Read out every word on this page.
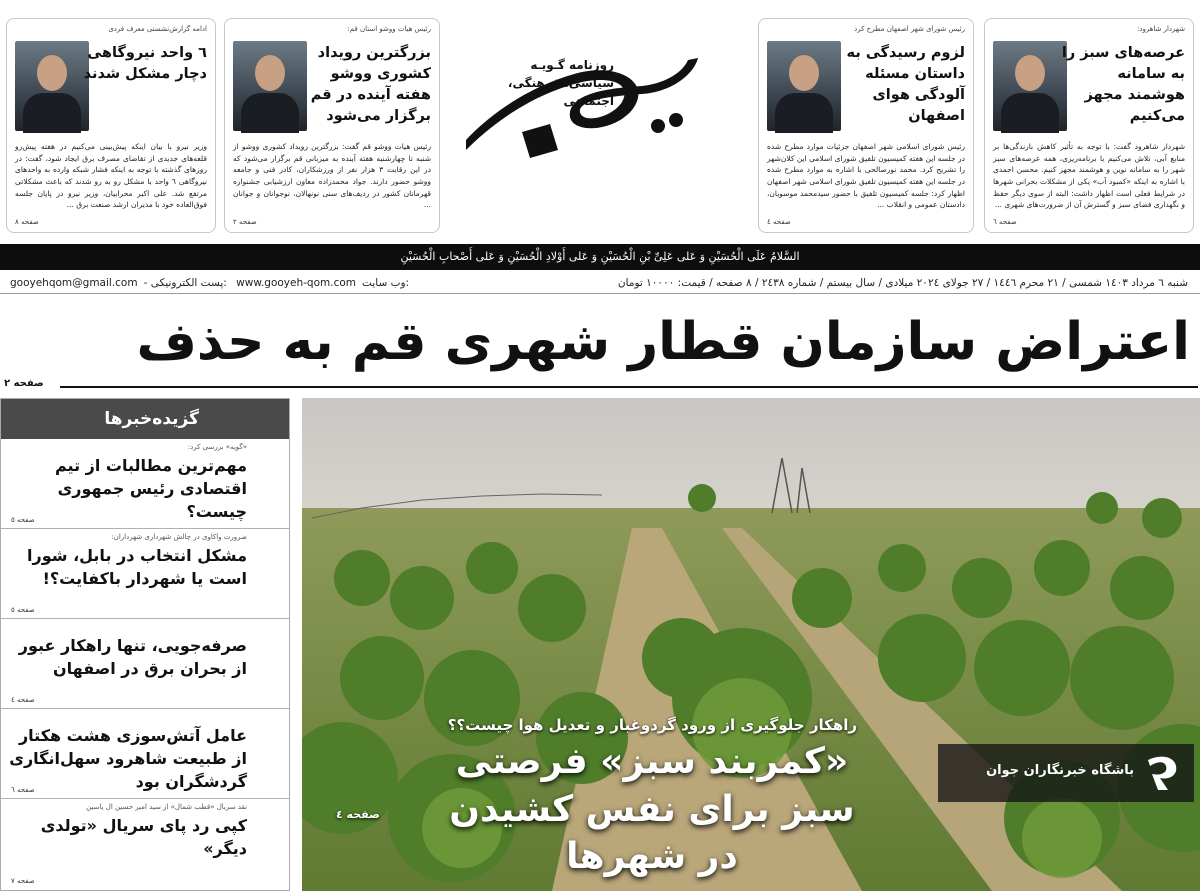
شهردار شاهرود:
عرصه‌های سبز را به سامانه هوشمند مجهز می‌کنیم
شهردار شاهرود گفت: با توجه به تأثیر کاهش بارندگی‌ها بر منابع آبی، تلاش می‌کنیم با برنامه‌ریزی، همه عرصه‌های سبز شهر را به سامانه نوین و هوشمند مجهز کنیم. محسن احمدی با اشاره به اینکه «کمبود آب» یکی از مشکلات بحرانی شهرها در شرایط فعلی است اظهار داشت: البته از سوی دیگر حفظ و نگهداری فضای سبز و گسترش آن از ضرورت‌های شهری ...
صفحه ٦
رئیس شورای شهر اصفهان مطرح کرد
لزوم رسیدگی به داستان مسئله آلودگی هوای اصفهان
رئیس شورای اسلامی شهر اصفهان جزئیات موارد مطرح شده در جلسه این هفته کمیسیون تلفیق شورای اسلامی این کلان‌شهر را تشریح کرد. محمد نورصالحی با اشاره به موارد مطرح شده در جلسه این هفته کمیسیون تلفیق شورای اسلامی شهر اصفهان اظهار کرد: جلسه کمیسیون تلفیق با حضور سیدمحمد موسویان، دادستان عمومی و انقلاب ...
صفحه ٤
رئیس هیات ووشو استان قم:
بزرگترین رویداد کشوری ووشو هفته آینده در قم برگزار می‌شود
رئیس هیات ووشو قم گفت: بزرگترین رویداد کشوری ووشو از شنبه تا چهارشنبه هفته آینده به میزبانی قم برگزار می‌شود که در این رقابت ۳ هزار نفر از ورزشکاران، کادر فنی و جامعه ووشو حضور دارند. جواد محمدزاده معاون ارزشیابی جشنواره قهرمانان کشور در ردیف‌های سنی نونهالان، نوجوانان و جوانان ...
صفحه ٢
ادامه گزارش‌نشستی معرف فردی
٦ واحد نیروگاهی دچار مشکل شدند
وزیر نیرو با بیان اینکه پیش‌بینی می‌کنیم در هفته پیش‌رو قلعه‌های جدیدی از تقاضای مصرف برق ایجاد شود، گفت: در روزهای گذشته با توجه به اینکه فشار شبکه وارده به واحدهای نیروگاهی ٦ واحد با مشکل رو به رو شدند که باعث مشکلاتی مرتفع شد. علی اکبر محرابیان، وزیر نیرو در پایان جلسه فوق‌العاده خود با مدیران ارشد صنعت برق ...
صفحه ٨
روزنامه گـویـه
سیاسی، فرهنگی، اجتماعی
السَّلامُ عَلَى الْحُسَیْنِ وَ عَلی عَلِیِّ بْنِ الْحُسَیْنِ وَ عَلی أَوْلادِ الْحُسَیْنِ وَ عَلی أَصْحابِ الْحُسَیْنِ
شنبه ٦ مرداد ١٤٠٣ شمسی / ٢١ محرم ١٤٤٦ / ٢٧ جولای ٢٠٢٤ میلادی / سال بیستم / شماره ٢٤٣٨ / ٨ صفحه / قیمت: ١٠٠٠٠ تومان
gooyehqom@gmail.com - پست الکترونیکی: www.gooyeh-qom.com وب سایت:
اعتراض سازمان قطار شهری قم به حذف
صفحه ٢
گزیده‌خبرها
«گویه» بررسی کرد:
مهم‌ترین مطالبات از تیم اقتصادی رئیس جمهوری چیست؟
صفحه ٥
ضرورت واکاوی در چالش شهرداری شهرداران:
مشکل انتخاب در بابل، شورا است یا شهردار باکفایت؟!
صفحه ٥
صرفه‌جویی، تنها راهکار عبور از بحران برق در اصفهان
صفحه ٤
عامل آتش‌سوزی هشت هکتار از طبیعت شاهرود سهل‌انگاری گردشگران بود
صفحه ٦
نقد سریال «قطب شمال» از سید امیر حسین ال یاسین
کپی رد پای سریال «تولدی دیگر»
صفحه ٧
راهکار جلوگیری از ورود گردوغبار و تعدیل هوا چیست؟؟
«کمربند سبز» فرصتی سبز برای نفس کشیدن در شهرها
صفحه ٤
باشگاه خبرنگاران جوان
